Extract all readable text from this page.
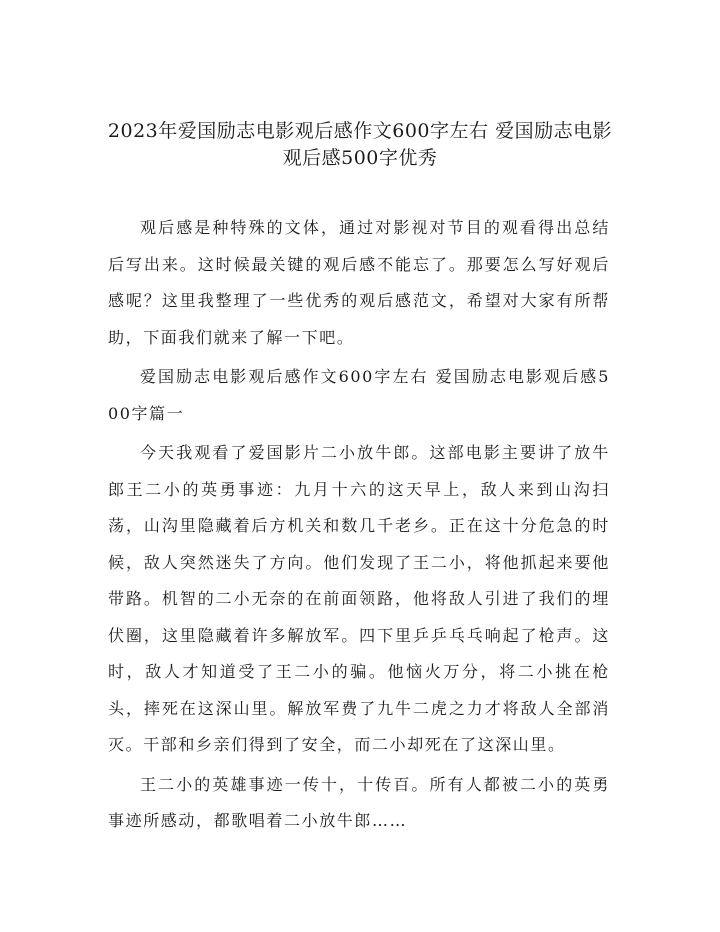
2023年爱国励志电影观后感作文600字左右 爱国励志电影观后感500字优秀

观后感是种特殊的文体，通过对影视对节目的观看得出总结后写出来。这时候最关键的观后感不能忘了。那要怎么写好观后感呢？这里我整理了一些优秀的观后感范文，希望对大家有所帮助，下面我们就来了解一下吧。

爱国励志电影观后感作文600字左右 爱国励志电影观后感500字篇一

今天我观看了爱国影片二小放牛郎。这部电影主要讲了放牛郎王二小的英勇事迹：九月十六的这天早上，敌人来到山沟扫荡，山沟里隐藏着后方机关和数几千老乡。正在这十分危急的时候，敌人突然迷失了方向。他们发现了王二小，将他抓起来要他带路。机智的二小无奈的在前面领路，他将敌人引进了我们的埋伏圈，这里隐藏着许多解放军。四下里乒乒乓乓响起了枪声。这时，敌人才知道受了王二小的骗。他恼火万分，将二小挑在枪头，摔死在这深山里。解放军费了九牛二虎之力才将敌人全部消灭。干部和乡亲们得到了安全，而二小却死在了这深山里。

王二小的英雄事迹一传十，十传百。所有人都被二小的英勇事迹所感动，都歌唱着二小放牛郎……
